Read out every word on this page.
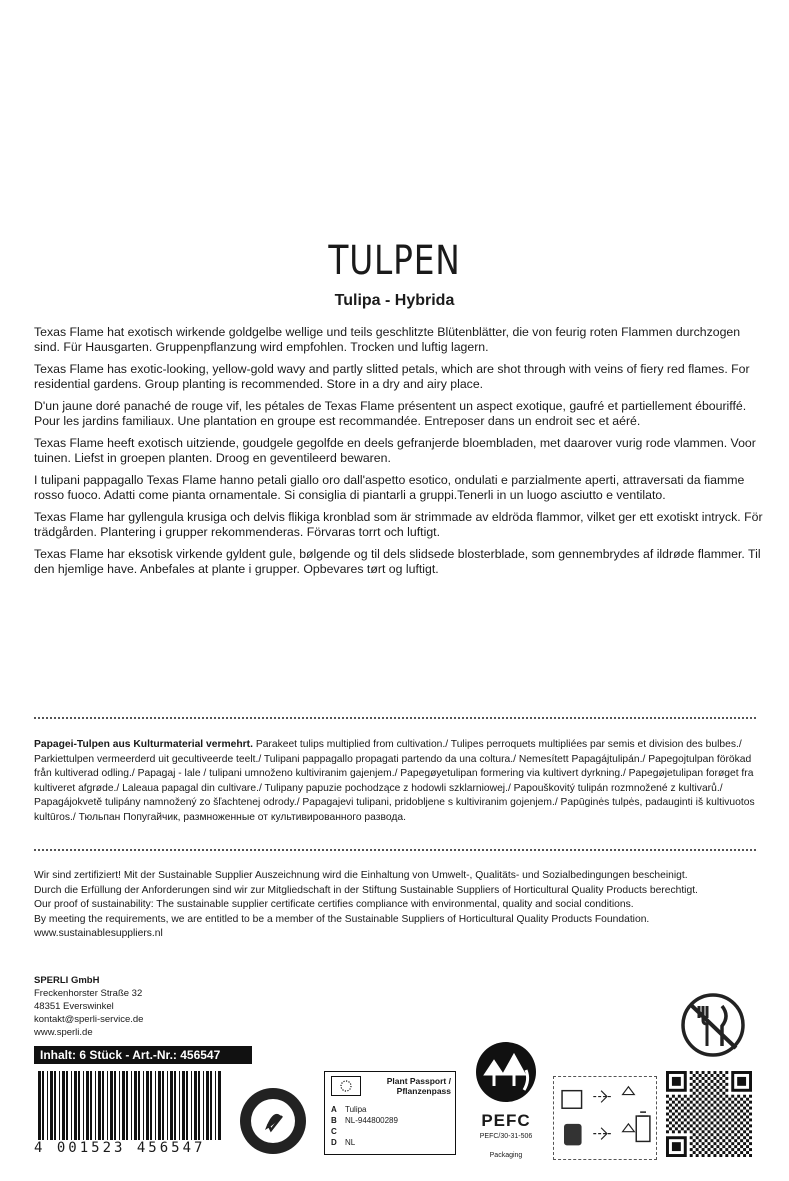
TULPEN
Tulipa - Hybrida

Texas Flame hat exotisch wirkende goldgelbe wellige und teils geschlitzte Blütenblätter, die von feurig roten Flammen durchzogen sind. Für Hausgarten. Gruppenpflanzung wird empfohlen. Trocken und luftig lagern.

Texas Flame has exotic-looking, yellow-gold wavy and partly slitted petals, which are shot through with veins of fiery red flames. For residential gardens. Group planting is recommended. Store in a dry and airy place.

D'un jaune doré panaché de rouge vif, les pétales de Texas Flame présentent un aspect exotique, gaufré et partiellement ébouriffé. Pour les jardins familiaux. Une plantation en groupe est recommandée. Entreposer dans un endroit sec et aéré.

Texas Flame heeft exotisch uitziende, goudgele gegolfde en deels gefranjerde bloembladen, met daarover vurig rode vlammen. Voor tuinen. Liefst in groepen planten. Droog en geventileerd bewaren.

I tulipani pappagallo Texas Flame hanno petali giallo oro dall'aspetto esotico, ondulati e parzialmente aperti, attraversati da fiamme rosso fuoco. Adatti come pianta ornamentale. Si consiglia di piantarli a gruppi.Tenerli in un luogo asciutto e ventilato.

Texas Flame har gyllengula krusiga och delvis flikiga kronblad som är strimmade av eldröda flammor, vilket ger ett exotiskt intryck. För trädgården. Plantering i grupper rekommenderas. Förvaras torrt och luftigt.

Texas Flame har eksotisk virkende gyldent gule, bølgende og til dels slidsede blosterblade, som gennembrydes af ildrøde flammer. Til den hjemlige have. Anbefales at plante i grupper. Opbevares tørt og luftigt.

Papagei-Tulpen aus Kulturmaterial vermehrt. Parakeet tulips multiplied from cultivation./ Tulipes perroquets multipliées par semis et division des bulbes./ Parkiettulpen vermeerderd uit gecultiveerde teelt./ Tulipani pappagallo propagati partendo da una coltura./ Nemesített Papagájtulipán./ Papegojtulpan förökad från kultiverad odling./ Papagaj - lale / tulipani umnoženo kultiviranim gajenjem./ Papegøyetulipan formering via kultivert dyrkning./ Papegøjetulipan forøget fra kultiveret afgrøde./ Laleaua papagal din cultivare./ Tulipany papuzie pochodzące z hodowli szklarniowej./ Papouškovitý tulipán rozmnožené z kultivarů./ Papagájokvetě tulipány namnožený zo šľachtenej odrody./ Papagajevi tulipani, pridobljene s kultiviranim gojenjem./ Papūginės tulpės, padauginti iš kultivuotos kultūros./ Тюльпан Попугайчик, размноженные от культивированного развода.
Wir sind zertifiziert! Mit der Sustainable Supplier Auszeichnung wird die Einhaltung von Umwelt-, Qualitäts- und Sozialbedingungen bescheinigt.
Durch die Erfüllung der Anforderungen sind wir zur Mitgliedschaft in der Stiftung Sustainable Suppliers of Horticultural Quality Products berechtigt.
Our proof of sustainability: The sustainable supplier certificate certifies compliance with environmental, quality and social conditions.
By meeting the requirements, we are entitled to be a member of the Sustainable Suppliers of Horticultural Quality Products Foundation.
www.sustainablesuppliers.nl
SPERLI GmbH
Freckenhorster Straße 32
48351 Everswinkel
kontakt@sperli-service.de
www.sperli.de
Inhalt: 6 Stück - Art.-Nr.: 456547
4 001523 456547
Plant Passport /
Pflanzenpass
A Tulipa
B NL-944800289
C
D NL
PEFC
PEFC/30-31-506
Packaging
